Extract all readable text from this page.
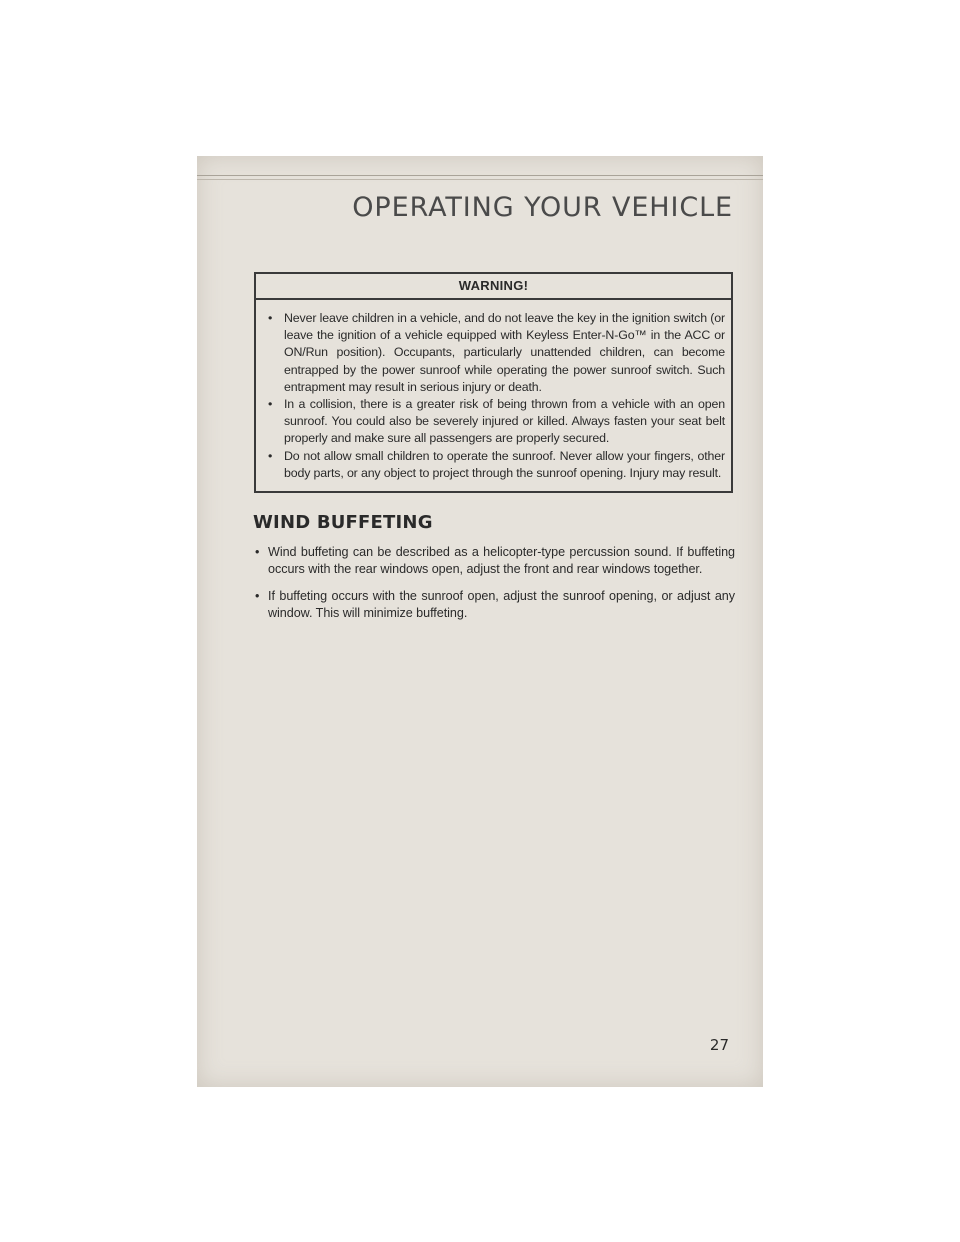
OPERATING YOUR VEHICLE
WARNING!
• Never leave children in a vehicle, and do not leave the key in the ignition switch (or leave the ignition of a vehicle equipped with Keyless Enter-N-Go™ in the ACC or ON/Run position). Occupants, particularly unattended children, can become entrapped by the power sunroof while operating the power sunroof switch. Such entrapment may result in serious injury or death.
• In a collision, there is a greater risk of being thrown from a vehicle with an open sunroof. You could also be severely injured or killed. Always fasten your seat belt properly and make sure all passengers are properly secured.
• Do not allow small children to operate the sunroof. Never allow your fingers, other body parts, or any object to project through the sunroof opening. Injury may result.
WIND BUFFETING
• Wind buffeting can be described as a helicopter-type percussion sound. If buffeting occurs with the rear windows open, adjust the front and rear windows together.
• If buffeting occurs with the sunroof open, adjust the sunroof opening, or adjust any window. This will minimize buffeting.
27
